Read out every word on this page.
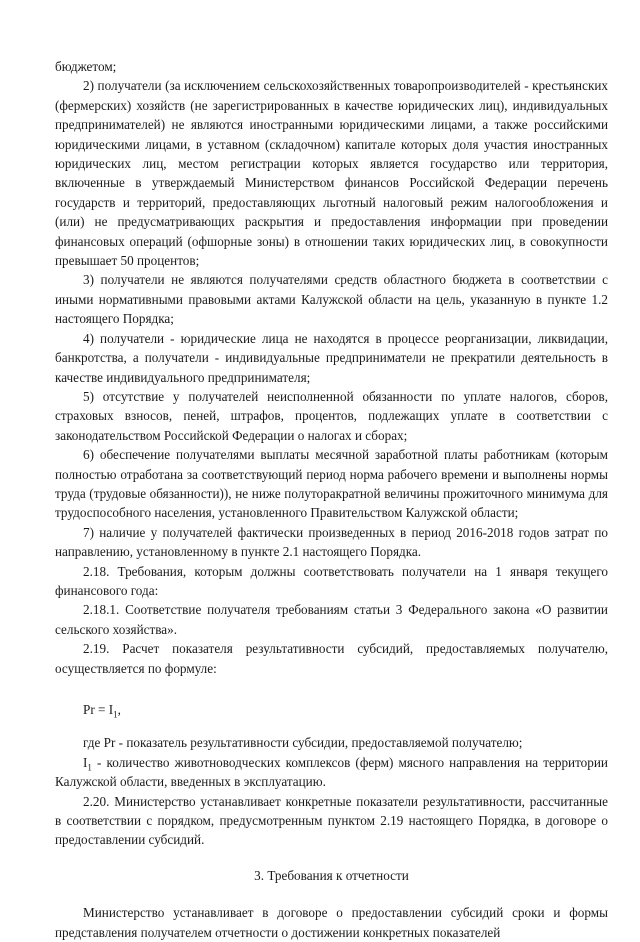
бюджетом;

2) получатели (за исключением сельскохозяйственных товаропроизводителей - крестьянских (фермерских) хозяйств (не зарегистрированных в качестве юридических лиц), индивидуальных предпринимателей) не являются иностранными юридическими лицами, а также российскими юридическими лицами, в уставном (складочном) капитале которых доля участия иностранных юридических лиц, местом регистрации которых является государство или территория, включенные в утверждаемый Министерством финансов Российской Федерации перечень государств и территорий, предоставляющих льготный налоговый режим налогообложения и (или) не предусматривающих раскрытия и предоставления информации при проведении финансовых операций (офшорные зоны) в отношении таких юридических лиц, в совокупности превышает 50 процентов;

3) получатели не являются получателями средств областного бюджета в соответствии с иными нормативными правовыми актами Калужской области на цель, указанную в пункте 1.2 настоящего Порядка;

4) получатели - юридические лица не находятся в процессе реорганизации, ликвидации, банкротства, а получатели - индивидуальные предприниматели не прекратили деятельность в качестве индивидуального предпринимателя;

5) отсутствие у получателей неисполненной обязанности по уплате налогов, сборов, страховых взносов, пеней, штрафов, процентов, подлежащих уплате в соответствии с законодательством Российской Федерации о налогах и сборах;

6) обеспечение получателями выплаты месячной заработной платы работникам (которым полностью отработана за соответствующий период норма рабочего времени и выполнены нормы труда (трудовые обязанности)), не ниже полуторакратной величины прожиточного минимума для трудоспособного населения, установленного Правительством Калужской области;

7) наличие у получателей фактически произведенных в период 2016-2018 годов затрат по направлению, установленному в пункте 2.1 настоящего Порядка.

2.18. Требования, которым должны соответствовать получатели на 1 января текущего финансового года:

2.18.1. Соответствие получателя требованиям статьи 3 Федерального закона «О развитии сельского хозяйства».

2.19. Расчет показателя результативности субсидий, предоставляемых получателю, осуществляется по формуле:

$Pr = I_1$,

где Pr - показатель результативности субсидии, предоставляемой получателю;

$I_1$ - количество животноводческих комплексов (ферм) мясного направления на территории Калужской области, введенных в эксплуатацию.

2.20. Министерство устанавливает конкретные показатели результативности, рассчитанные в соответствии с порядком, предусмотренным пунктом 2.19 настоящего Порядка, в договоре о предоставлении субсидий.

3. Требования к отчетности

Министерство устанавливает в договоре о предоставлении субсидий сроки и формы представления получателем отчетности о достижении конкретных показателей
